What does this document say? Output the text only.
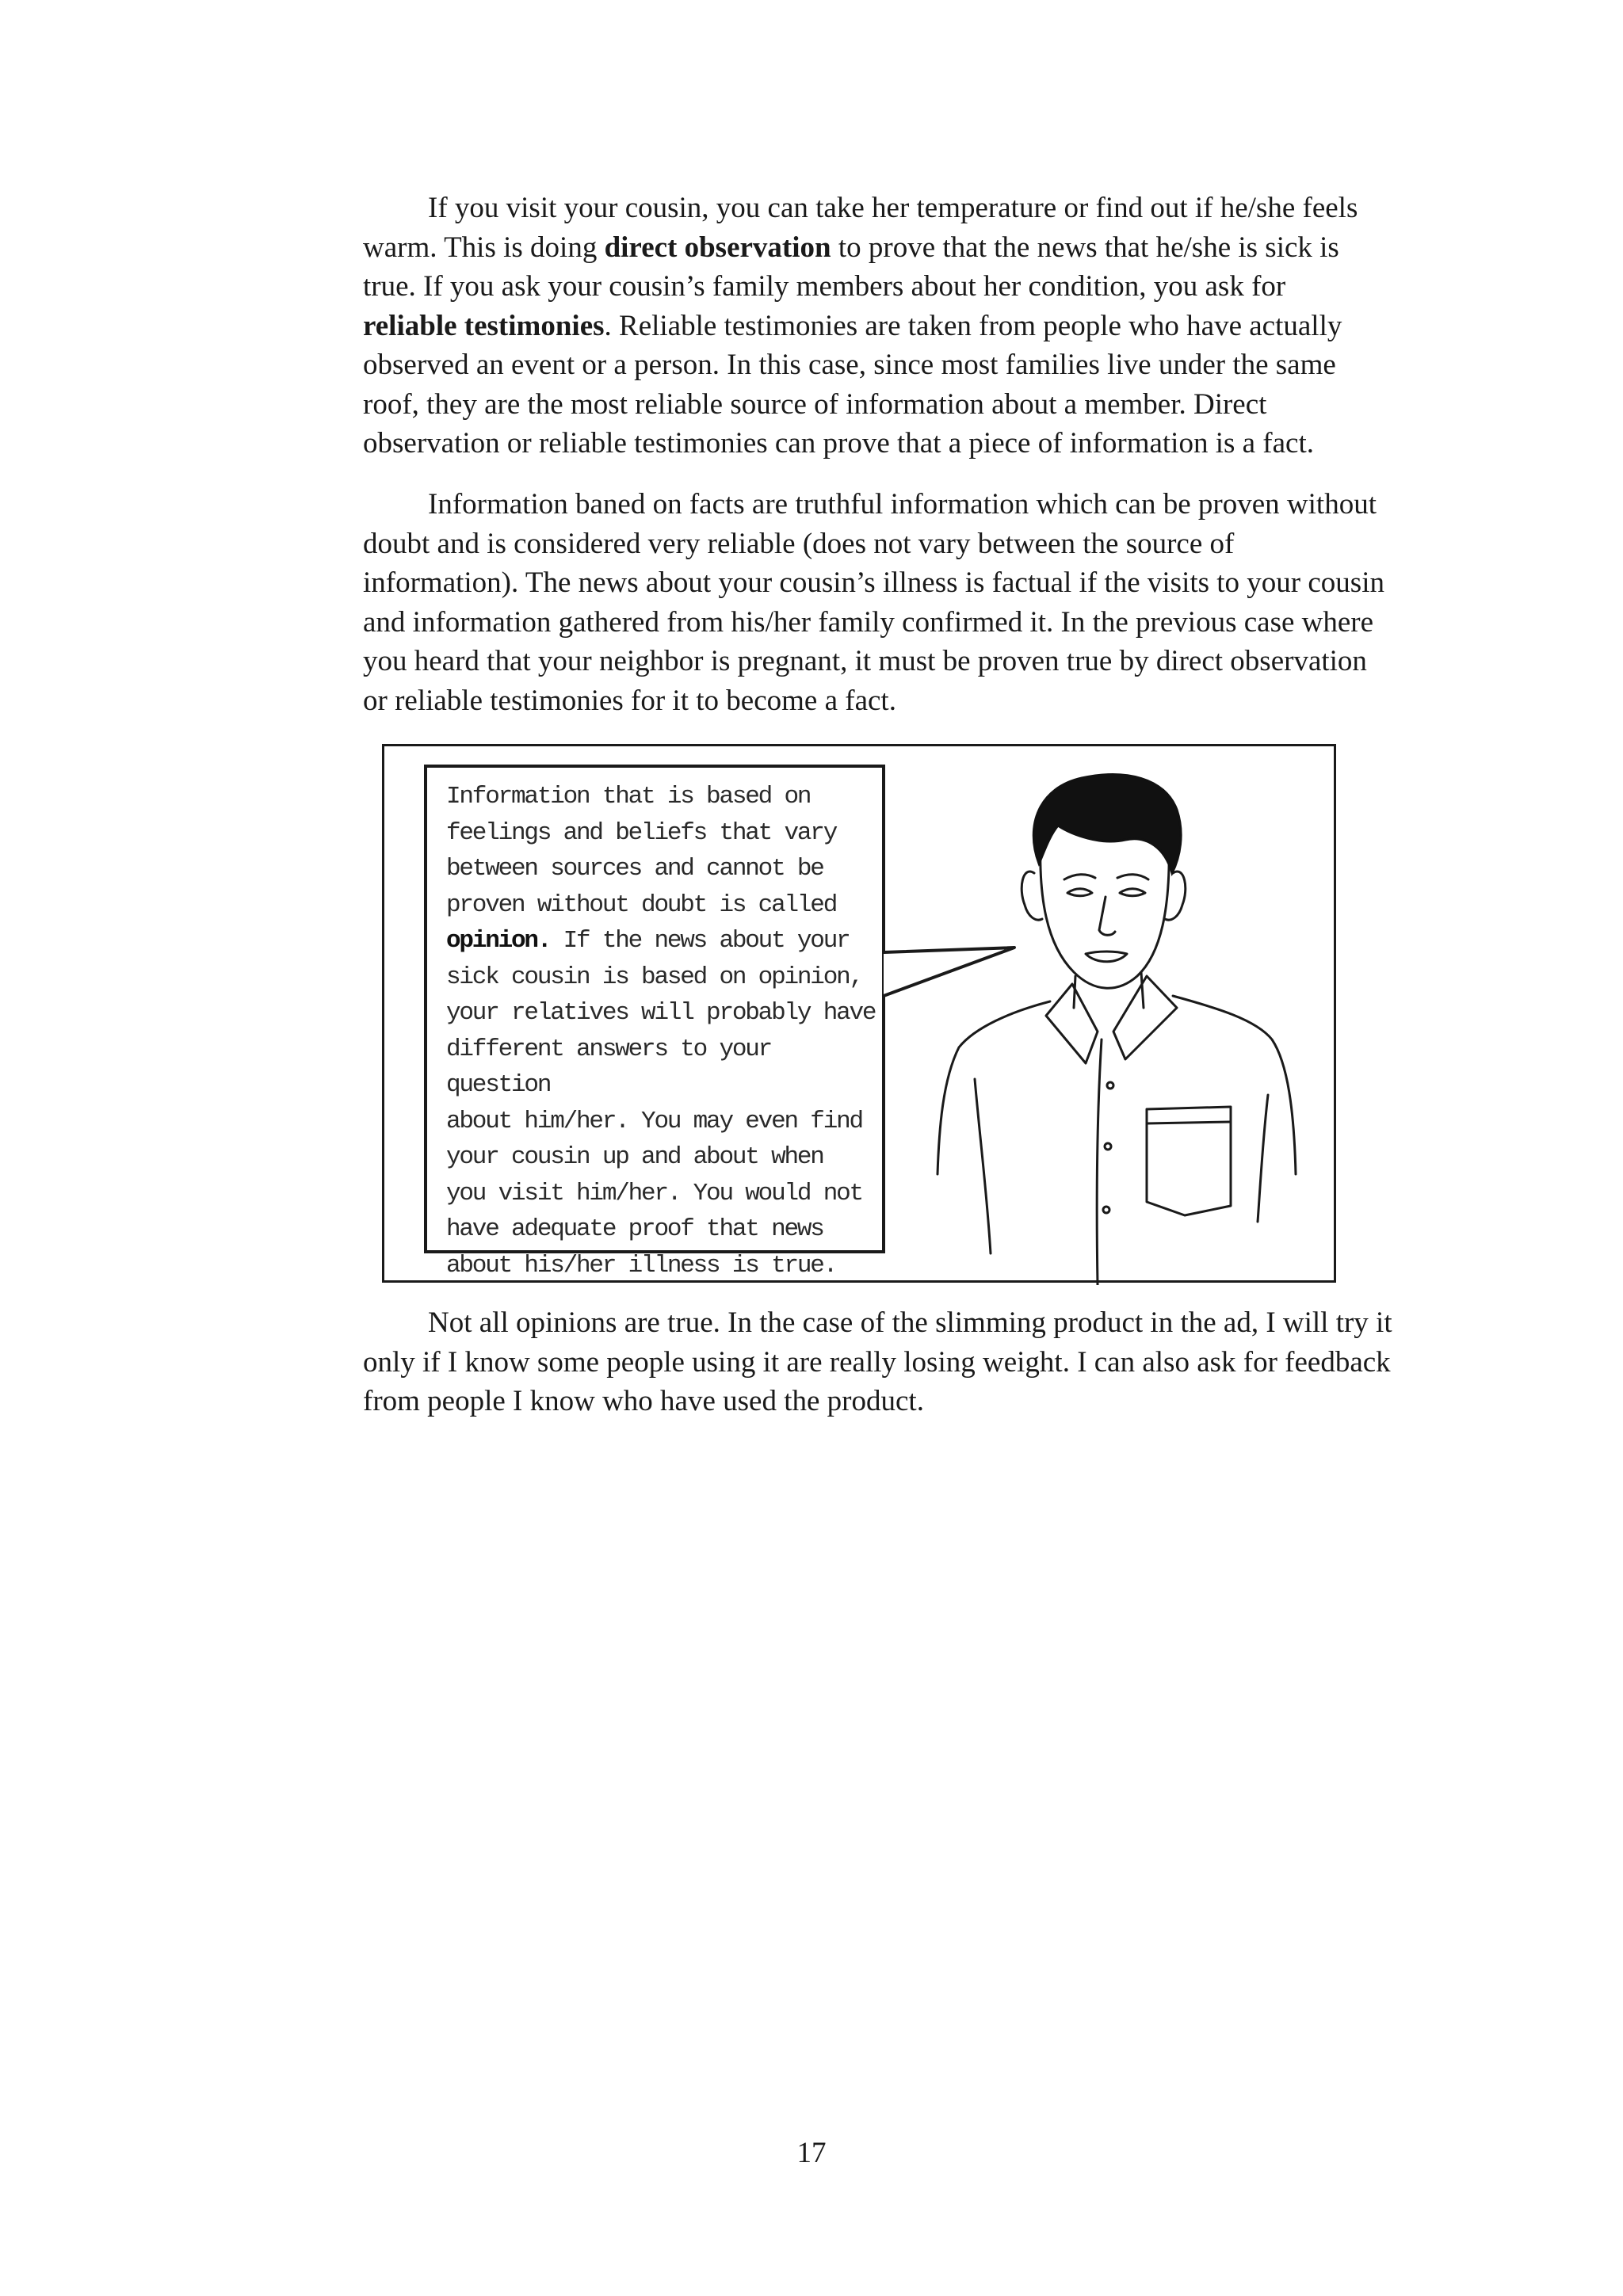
If you visit your cousin, you can take her temperature or find out if he/she feels
warm. This is doing direct observation to prove that the news that he/she is sick is
true. If you ask your cousin’s family members about her condition, you ask for
reliable testimonies. Reliable testimonies are taken from people who have actually
observed an event or a person. In this case, since most families live under the same
roof, they are the most reliable source of information about a member. Direct
observation or reliable testimonies can prove that a piece of information is a fact.

Information baned on facts are truthful information which can be proven without
doubt and is considered very reliable (does not vary between the source of
information). The news about your cousin’s illness is factual if the visits to your cousin
and information gathered from his/her family confirmed it. In the previous case where
you heard that your neighbor is pregnant, it must be proven true by direct observation
or reliable testimonies for it to become a fact.

Information that is based on
feelings and beliefs that vary
between sources and cannot be
proven without doubt is called
opinion. If the news about your
sick cousin is based on opinion,
your relatives will probably have
different answers to your question
about him/her. You may even find
your cousin up and about when
you visit him/her. You would not
have adequate proof that news
about his/her illness is true.

Not all opinions are true. In the case of the slimming product in the ad, I will try it
only if I know some people using it are really losing weight. I can also ask for feedback
from people I know who have used the product.

17
